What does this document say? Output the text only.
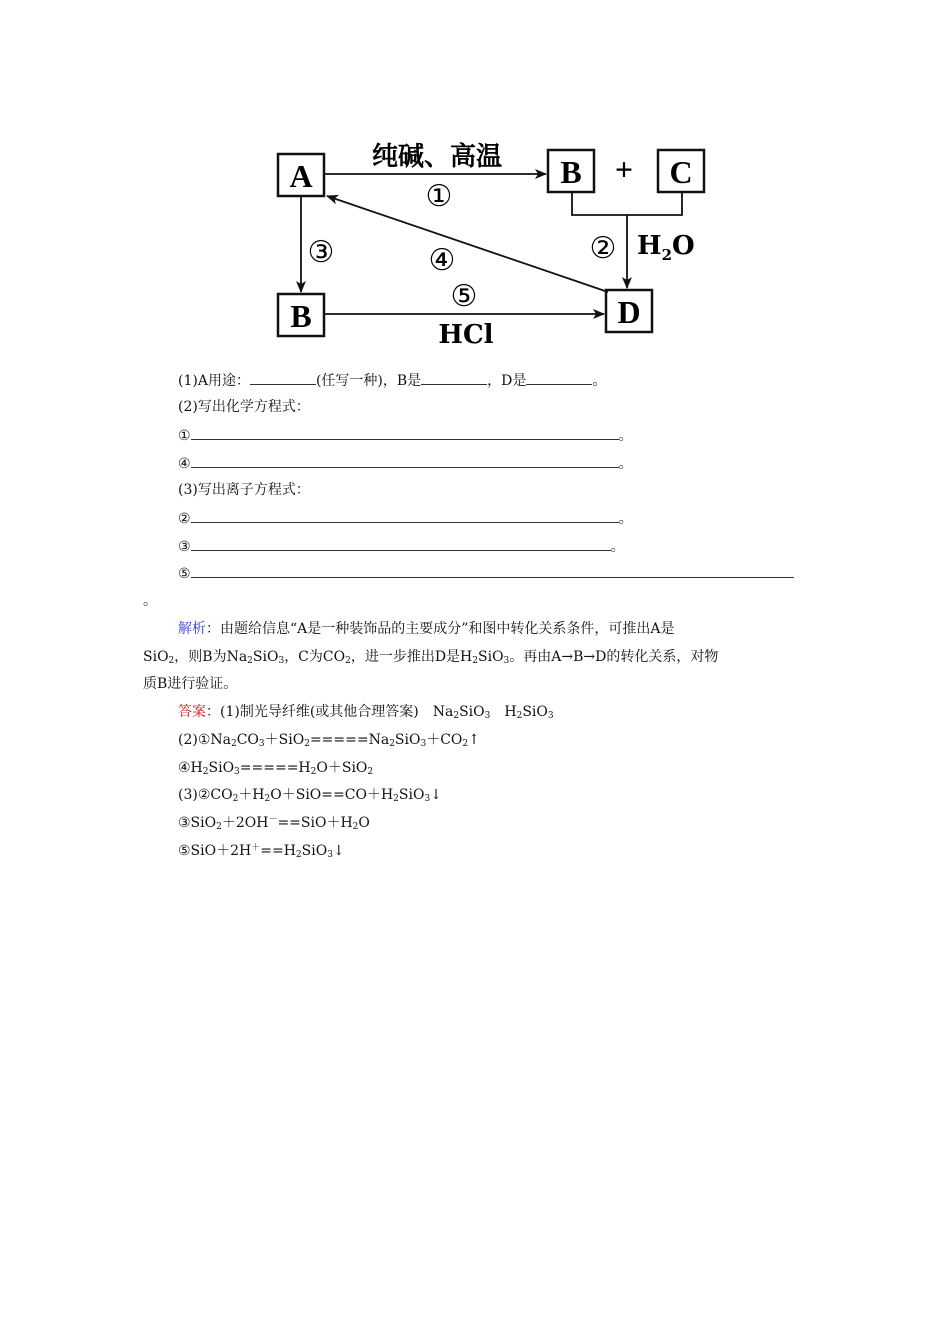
A	B + C
B	D
纯碱、高温
①
② $H_2O$
③	④
⑤
HCl
(1)A用途：	(任写一种)，B是	，D是	。
(2)写出化学方程式：
①	。
④	。
(3)写出离子方程式：
②	。
③	。
⑤
。
解析：由题给信息“A是一种装饰品的主要成分”和图中转化关系条件，可推出A是
SiO$_2$，则B为$Na_2SiO_3$，C为$CO_2$，进一步推出D是$H_2SiO_3$。再由A→B→D的转化关系，对物
质B进行验证。
答案：(1)制光导纤维(或其他合理答案)　$Na_2SiO_3$　$H_2SiO_3$
$(2)①Na_2CO_3+SiO_2=====Na_2SiO_3+CO_2↑$
$④H_2SiO_3=====H_2O+SiO_2$
$(3)②CO_2+H_2O+SiO==CO+H_2SiO_3↓$
$③SiO_2+2OH^-==SiO+H_2O$
$⑤SiO+2H^+==H_2SiO_3↓$
